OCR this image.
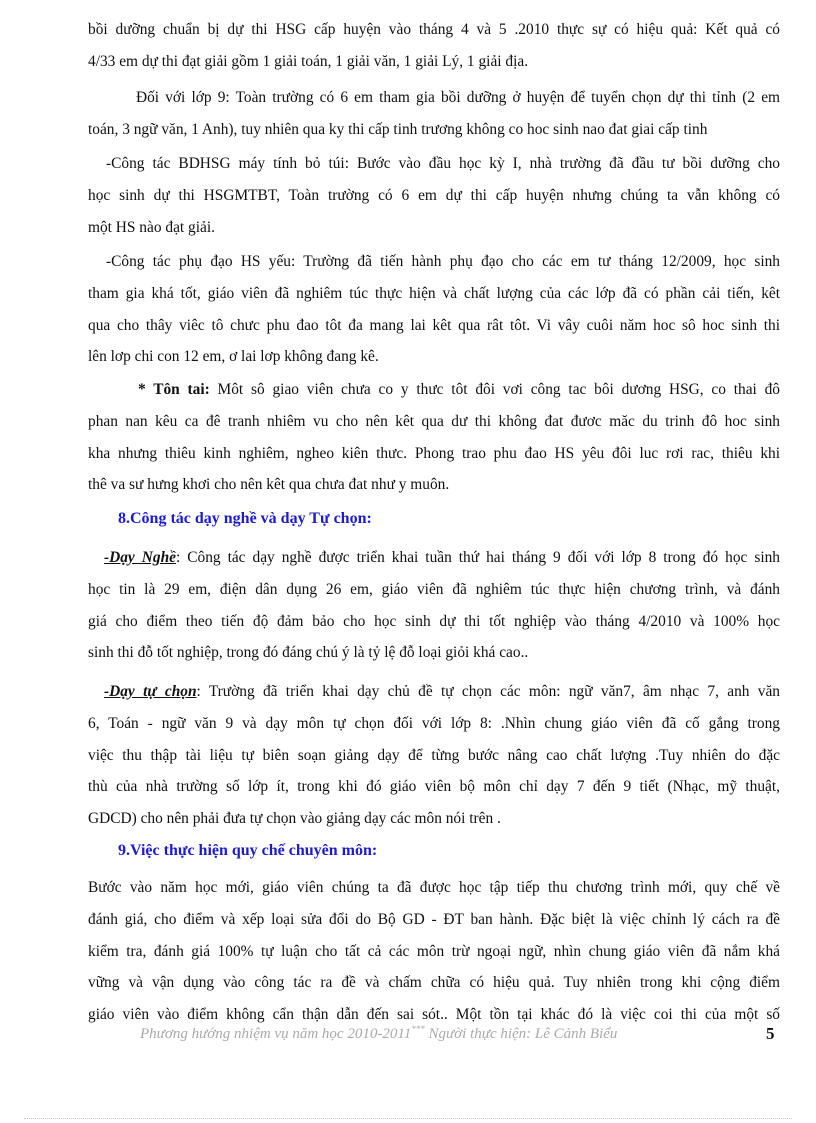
bồi dưỡng chuẩn bị dự thi HSG cấp huyện vào tháng 4 và 5 .2010 thực sự có hiệu quả: Kết quả có
4/33 em dự thi đạt giải gồm 1 giải toán, 1 giải văn, 1 giải Lý, 1 giải địa.

Đối với lớp 9: Toàn trường có 6 em tham gia bồi dưỡng ở huyện để tuyển chọn dự thi tỉnh (2 em
toán, 3 ngữ văn, 1 Anh), tuy nhiên qua ky thi cấp tinh trương không co hoc sinh nao đat giai cấp tinh

-Công tác BDHSG máy tính bỏ túi: Bước vào đầu học kỳ I, nhà trường đã đầu tư bồi dưỡng cho
học sinh dự thi HSGMTBT, Toàn trường có 6 em dự thi cấp huyện nhưng chúng ta vẫn không có
một HS nào đạt giải.

-Công tác phụ đạo HS yếu: Trường đã tiến hành phụ đạo cho các em tư tháng 12/2009, học sinh
tham gia khá tốt, giáo viên đã nghiêm túc thực hiện và chất lượng của các lớp đã có phần cải tiến, kêt
qua cho thây viêc tô chưc phu đao tôt đa mang lai kêt qua rât tôt. Vi vây cuôi năm hoc sô hoc sinh thi
lên lơp chi con 12 em, ơ lai lơp không đang kê.

* Tôn tai: Môt sô giao viên chưa co y thưc tôt đôi vơi công tac bôi dương HSG, co thai đô
phan nan kêu ca đê tranh nhiêm vu cho nên kêt qua dư thi không đat đươc măc du trinh đô hoc sinh
kha nhưng thiêu kinh nghiêm, ngheo kiên thưc. Phong trao phu đao HS yêu đôi luc rơi rac, thiêu khi
thê va sư hưng khơi cho nên kêt qua chưa đat như y muôn.

8.Công tác dạy nghề và dạy Tự chọn:

-Dạy Nghề: Công tác dạy nghề được triển khai tuần thứ hai tháng 9 đối với lớp 8 trong đó học sinh
học tin là 29 em, điện dân dụng 26 em, giáo viên đã nghiêm túc thực hiện chương trình, và đánh
giá cho điểm theo tiến độ đảm bảo cho học sinh dự thi tốt nghiệp vào tháng 4/2010 và 100% học
sinh thi đỗ tốt nghiệp, trong đó đáng chú ý là tỷ lệ đỗ loại giỏi khá cao..

-Dạy tự chọn: Trường đã triển khai dạy chủ đề tự chọn các môn: ngữ văn7, âm nhạc 7, anh văn
6, Toán - ngữ văn 9 và dạy môn tự chọn đối với lớp 8: .Nhìn chung giáo viên đã cố gắng trong
việc thu thập tài liệu tự biên soạn giảng dạy để từng bước nâng cao chất lượng .Tuy nhiên do đặc
thù của nhà trường số lớp ít, trong khi đó giáo viên bộ môn chỉ dạy 7 đến 9 tiết (Nhạc, mỹ thuật,
GDCD) cho nên phải đưa tự chọn vào giảng dạy các môn nói trên .

9.Việc thực hiện quy chế chuyên môn:

Bước vào năm học mới, giáo viên chúng ta đã được học tập tiếp thu chương trình mới, quy chế về
đánh giá, cho điểm và xếp loại sửa đổi do Bộ GD - ĐT ban hành. Đặc biệt là việc chỉnh lý cách ra đề
kiểm tra, đánh giá 100% tự luận cho tất cả các môn trừ ngoại ngữ, nhìn chung giáo viên đã nắm khá
vững và vận dụng vào công tác ra đề và chấm chữa có hiệu quả. Tuy nhiên trong khi cộng điểm
giáo viên vào điểm không cẩn thận dẫn đến sai sót.. Một tồn tại khác đó là việc coi thi của một số

Phương hướng nhiệm vụ năm học 2010-2011*** Người thực hiện: Lê Cảnh Biểu	5
